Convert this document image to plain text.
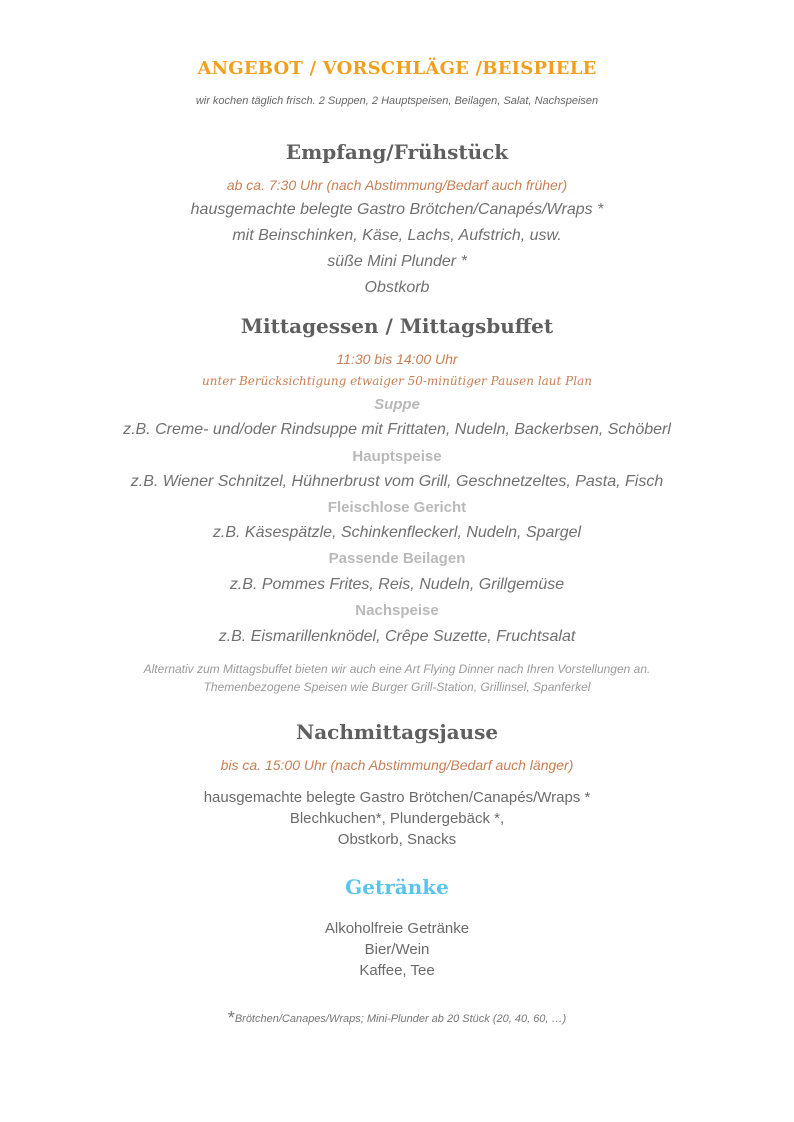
ANGEBOT / VORSCHLÄGE /BEISPIELE
wir kochen täglich frisch. 2 Suppen, 2 Hauptspeisen, Beilagen, Salat, Nachspeisen
Empfang/Frühstück
ab ca. 7:30 Uhr (nach Abstimmung/Bedarf auch früher)
hausgemachte belegte Gastro Brötchen/Canapés/Wraps *
mit Beinschinken, Käse, Lachs, Aufstrich, usw.
süße Mini Plunder *
Obstkorb
Mittagessen / Mittagsbuffet
11:30 bis 14:00 Uhr
unter Berücksichtigung etwaiger 50-minütiger Pausen laut Plan
Suppe
z.B. Creme- und/oder Rindsuppe mit Frittaten, Nudeln, Backerbsen, Schöberl
Hauptspeise
z.B. Wiener Schnitzel, Hühnerbrust vom Grill, Geschnetzeltes, Pasta, Fisch
Fleischlose Gericht
z.B. Käsespätzle, Schinkenfleckerl, Nudeln, Spargel
Passende Beilagen
z.B. Pommes Frites, Reis, Nudeln, Grillgemüse
Nachspeise
z.B. Eismarillenknödel, Crêpe Suzette, Fruchtsalat
Alternativ zum Mittagsbuffet bieten wir auch eine Art Flying Dinner nach Ihren Vorstellungen an.
Themenbezogene Speisen wie Burger Grill-Station, Grillinsel, Spanferkel
Nachmittagsjause
bis ca. 15:00 Uhr (nach Abstimmung/Bedarf auch länger)
hausgemachte belegte Gastro Brötchen/Canapés/Wraps *
Blechkuchen*, Plundergebäck *,
Obstkorb, Snacks
Getränke
Alkoholfreie Getränke
Bier/Wein
Kaffee, Tee
*Brötchen/Canapes/Wraps; Mini-Plunder ab 20 Stück (20, 40, 60, …)
